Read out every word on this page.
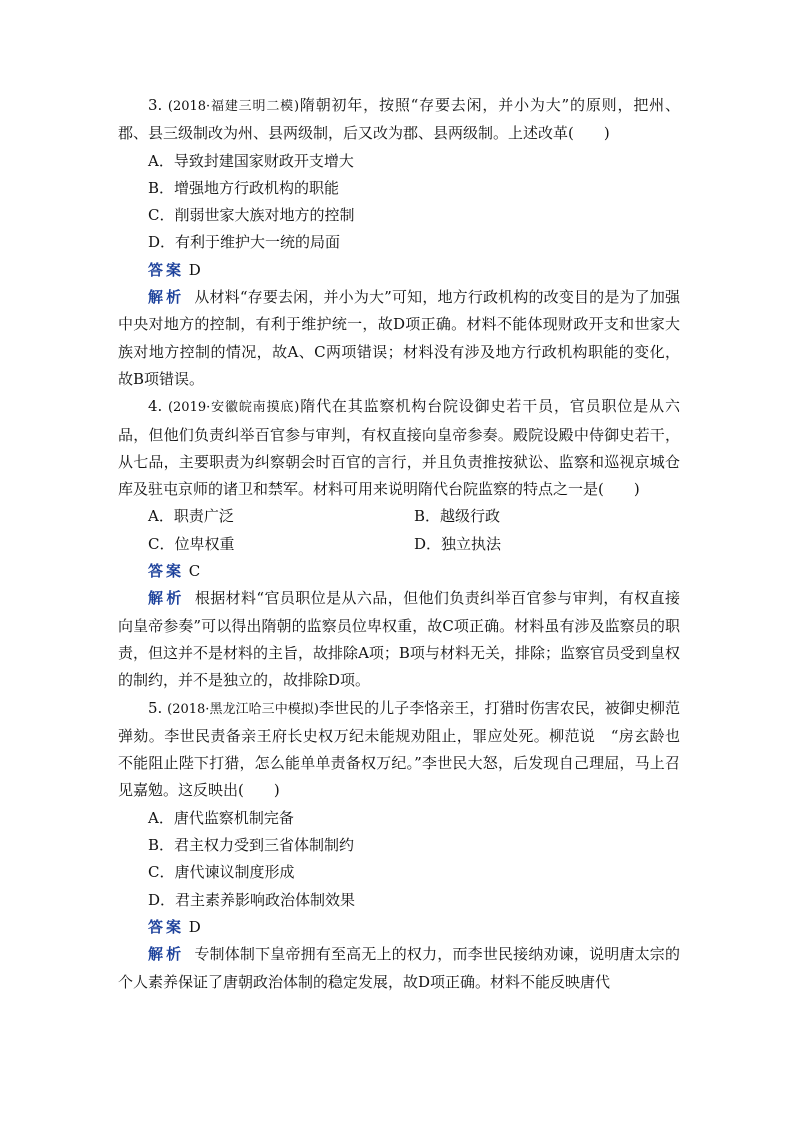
3. (2018·福建三明二模)隋朝初年，按照“存要去闲，并小为大”的原则，把州、郡、县三级制改为州、县两级制，后又改为郡、县两级制。上述改革(　　)

A．导致封建国家财政开支增大
B．增强地方行政机构的职能
C．削弱世家大族对地方的控制
D．有利于维护大一统的局面
答案 D

解析 从材料“存要去闲，并小为大”可知，地方行政机构的改变目的是为了加强中央对地方的控制，有利于维护统一，故D项正确。材料不能体现财政开支和世家大族对地方控制的情况，故A、C两项错误；材料没有涉及地方行政机构职能的变化，故B项错误。

4. (2019·安徽皖南摸底)隋代在其监察机构台院设御史若干员，官员职位是从六品，但他们负责纠举百官参与审判，有权直接向皇帝参奏。殿院设殿中侍御史若干，从七品，主要职责为纠察朝会时百官的言行，并且负责推按狱讼、监察和巡视京城仓库及驻屯京师的诸卫和禁军。材料可用来说明隋代台院监察的特点之一是(　　)

A．职责广泛	B．越级行政
C．位卑权重	D．独立执法
答案 C

解析 根据材料“官员职位是从六品，但他们负责纠举百官参与审判，有权直接向皇帝参奏”可以得出隋朝的监察员位卑权重，故C项正确。材料虽有涉及监察员的职责，但这并不是材料的主旨，故排除A项；B项与材料无关，排除；监察官员受到皇权的制约，并不是独立的，故排除D项。

5. (2018·黑龙江哈三中模拟)李世民的儿子李恪亲王，打猎时伤害农民，被御史柳范弹劾。李世民责备亲王府长史权万纪未能规劝阻止，罪应处死。柳范说　“房玄龄也不能阻止陛下打猎，怎么能单单责备权万纪。”李世民大怒，后发现自己理屈，马上召见嘉勉。这反映出(　　)

A．唐代监察机制完备
B．君主权力受到三省体制制约
C．唐代谏议制度形成
D．君主素养影响政治体制效果
答案 D

解析 专制体制下皇帝拥有至高无上的权力，而李世民接纳劝谏，说明唐太宗的个人素养保证了唐朝政治体制的稳定发展，故D项正确。材料不能反映唐代
